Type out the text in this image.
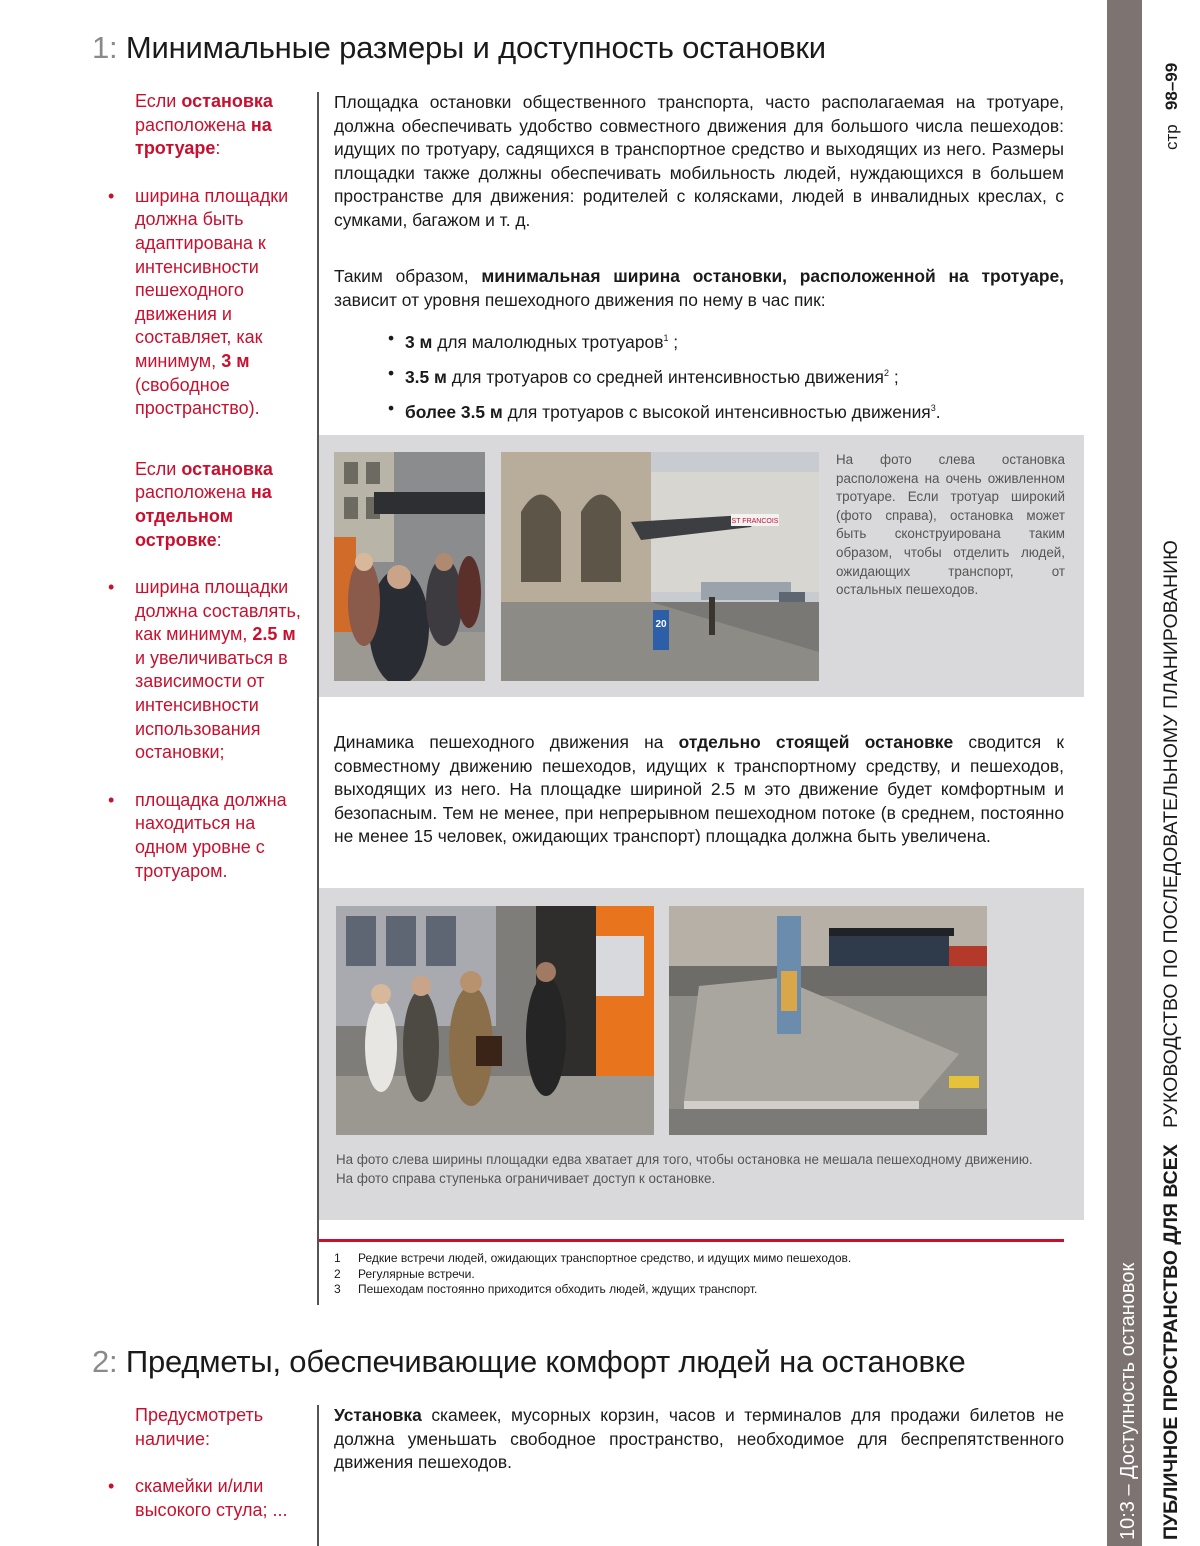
1: Минимальные размеры и доступность остановки

Если остановка расположена на тротуаре:

• ширина площадки должна быть адаптирована к интенсивности пешеходного движения и составляет, как минимум, 3 м (свободное пространство).

Если остановка расположена на отдельном островке:

• ширина площадки должна составлять, как минимум, 2.5 м и увеличиваться в зависимости от интенсивности использования остановки;
• площадка должна находиться на одном уровне с тротуаром.
Площадка остановки общественного транспорта, часто располагаемая на тротуаре, должна обеспечивать удобство совместного движения для большого числа пешеходов: идущих по тротуару, садящихся в транспортное средство и выходящих из него. Размеры площадки также должны обеспечивать мобильность людей, нуждающихся в большем пространстве для движения: родителей с колясками, людей в инвалидных креслах, с сумками, багажом и т. д.
Таким образом, минимальная ширина остановки, расположенной на тротуаре, зависит от уровня пешеходного движения по нему в час пик:
• 3 м для малолюдных тротуаров$^1$ ;
• 3.5 м для тротуаров со средней интенсивностью движения$^2$ ;
• более 3.5 м для тротуаров с высокой интенсивностью движения$^3$.
ST FRANCOIS
20
На фото слева остановка расположена на очень оживленном тротуаре. Если тротуар широкий (фото справа), остановка может быть сконструирована таким образом, чтобы отделить людей, ожидающих транспорт, от остальных пешеходов.
Динамика пешеходного движения на отдельно стоящей остановке сводится к совместному движению пешеходов, идущих к транспортному средству, и пешеходов, выходящих из него. На площадке шириной 2.5 м это движение будет комфортным и безопасным. Тем не менее, при непрерывном пешеходном потоке (в среднем, постоянно не менее 15 человек, ожидающих транспорт) площадка должна быть увеличена.
На фото слева ширины площадки едва хватает для того, чтобы остановка не мешала пешеходному движению. На фото справа ступенька ограничивает доступ к остановке.
1 Редкие встречи людей, ожидающих транспортное средство, и идущих мимо пешеходов.
2 Регулярные встречи.
3 Пешеходам постоянно приходится обходить людей, ждущих транспорт.
2: Предметы, обеспечивающие комфорт людей на остановке

Предусмотреть наличие:

• скамейки и/или высокого стула; ...
Установка скамеек, мусорных корзин, часов и терминалов для продажи билетов не должна уменьшать свободное пространство, необходимое для беспрепятственного движения пешеходов.	10:3 – Доступность остановок ПУБЛИЧНОЕ ПРОСТРАНСТВО ДЛЯ ВСЕХ   РУКОВОДСТВО ПО ПОСЛЕДОВАТЕЛЬНОМУ ПЛАНИРОВАНИЮ
стр   98–99
